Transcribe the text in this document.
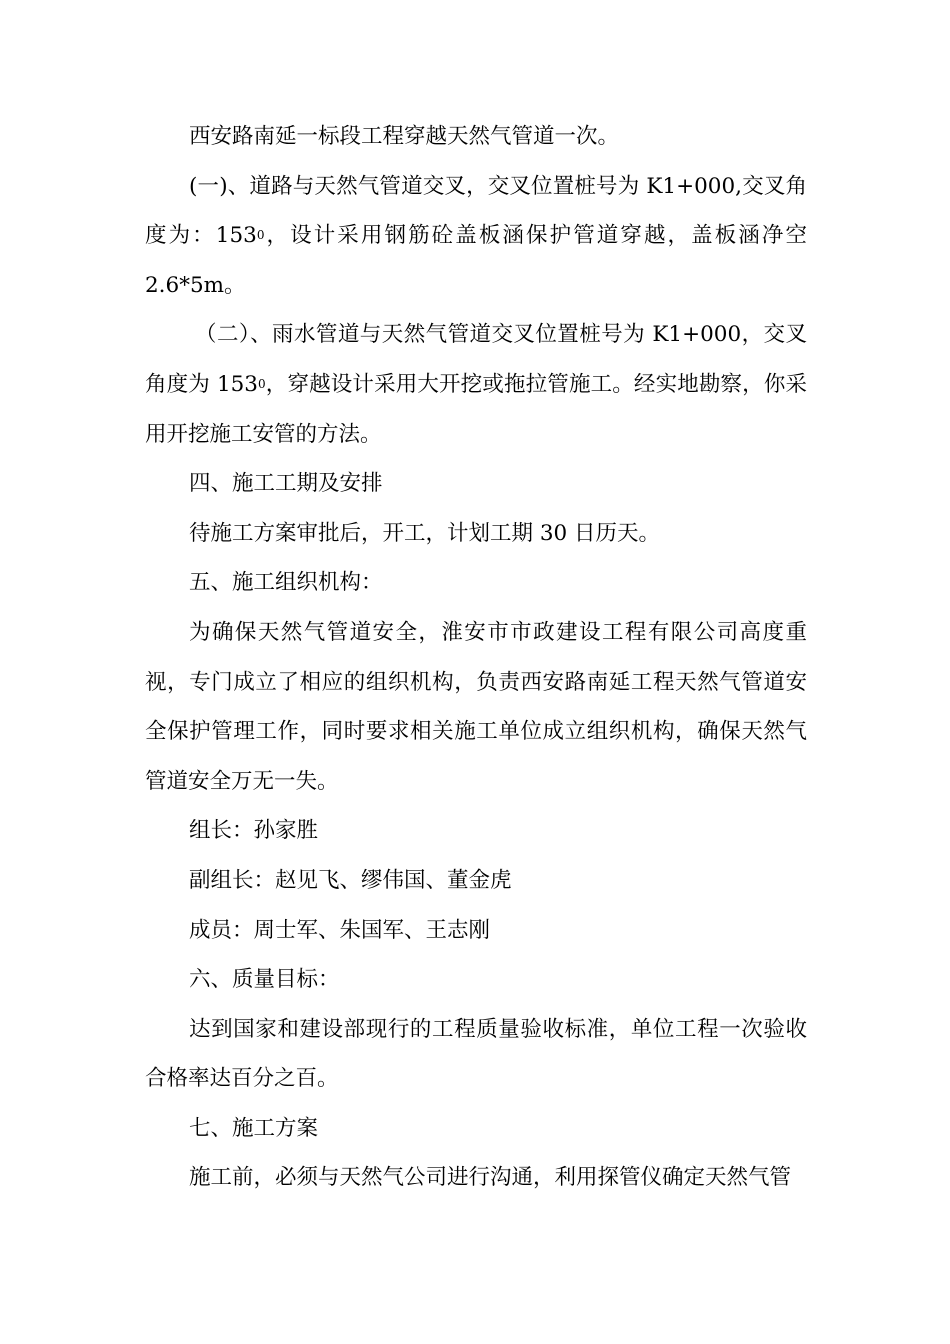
西安路南延一标段工程穿越天然气管道一次。

(一)、道路与天然气管道交叉，交叉位置桩号为 K1+000,交叉角度为：1530，设计采用钢筋砼盖板涵保护管道穿越，盖板涵净空 2.6*5m。

（二）、雨水管道与天然气管道交叉位置桩号为 K1+000，交叉角度为 1530，穿越设计采用大开挖或拖拉管施工。经实地勘察，你采用开挖施工安管的方法。

四、施工工期及安排

待施工方案审批后，开工，计划工期 30 日历天。

五、施工组织机构：

为确保天然气管道安全，淮安市市政建设工程有限公司高度重视，专门成立了相应的组织机构，负责西安路南延工程天然气管道安全保护管理工作，同时要求相关施工单位成立组织机构，确保天然气管道安全万无一失。

组长：孙家胜

副组长：赵见飞、缪伟国、董金虎

成员：周士军、朱国军、王志刚

六、质量目标：

达到国家和建设部现行的工程质量验收标准，单位工程一次验收合格率达百分之百。

七、施工方案

施工前，必须与天然气公司进行沟通，利用探管仪确定天然气管
